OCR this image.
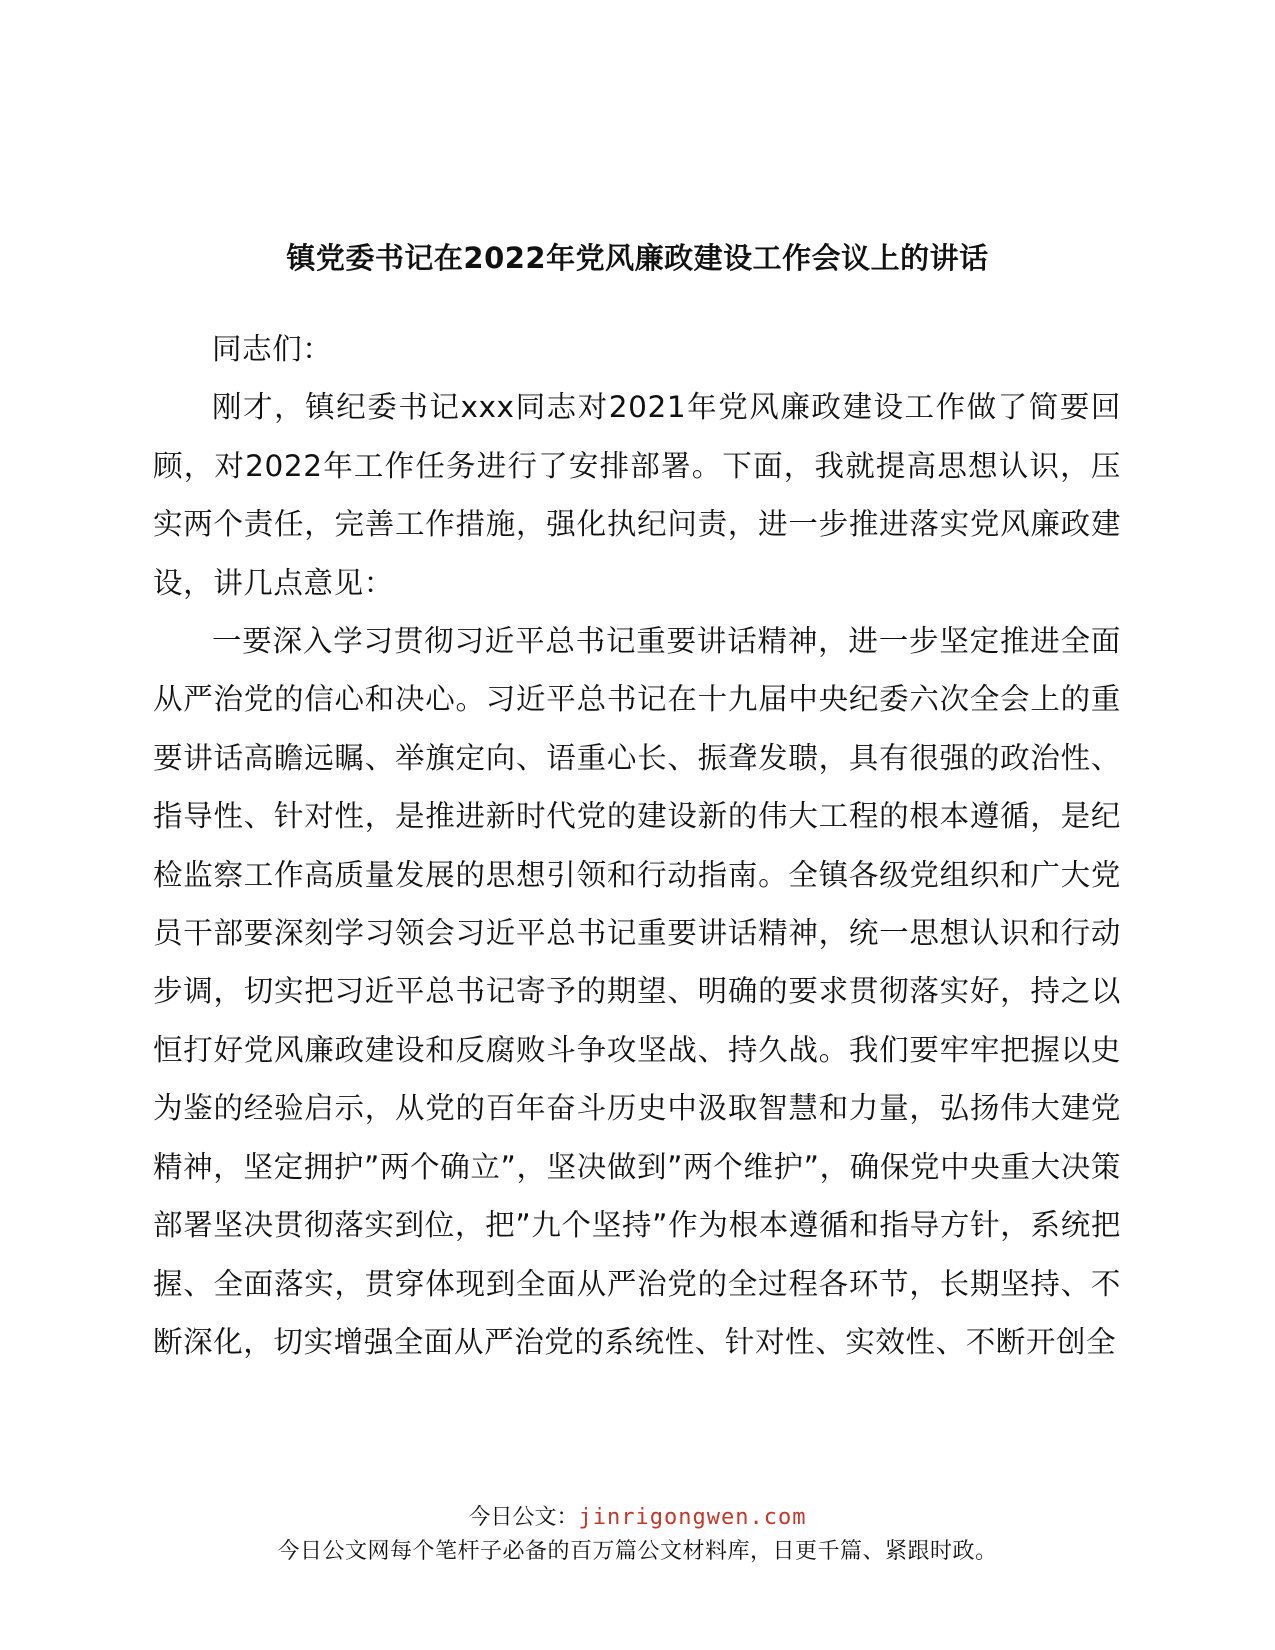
镇党委书记在2022年党风廉政建设工作会议上的讲话

同志们：

刚才，镇纪委书记xxx同志对2021年党风廉政建设工作做了简要回顾，对2022年工作任务进行了安排部署。下面，我就提高思想认识，压实两个责任，完善工作措施，强化执纪问责，进一步推进落实党风廉政建设，讲几点意见：

一要深入学习贯彻习近平总书记重要讲话精神，进一步坚定推进全面从严治党的信心和决心。习近平总书记在十九届中央纪委六次全会上的重要讲话高瞻远瞩、举旗定向、语重心长、振聋发聩，具有很强的政治性、指导性、针对性，是推进新时代党的建设新的伟大工程的根本遵循，是纪检监察工作高质量发展的思想引领和行动指南。全镇各级党组织和广大党员干部要深刻学习领会习近平总书记重要讲话精神，统一思想认识和行动步调，切实把习近平总书记寄予的期望、明确的要求贯彻落实好，持之以恒打好党风廉政建设和反腐败斗争攻坚战、持久战。我们要牢牢把握以史为鉴的经验启示，从党的百年奋斗历史中汲取智慧和力量，弘扬伟大建党精神，坚定拥护”两个确立”，坚决做到”两个维护”，确保党中央重大决策部署坚决贯彻落实到位，把”九个坚持”作为根本遵循和指导方针，系统把握、全面落实，贯穿体现到全面从严治党的全过程各环节，长期坚持、不断深化，切实增强全面从严治党的系统性、针对性、实效性、不断开创全

今日公文：jinrigongwen.com
今日公文网每个笔杆子必备的百万篇公文材料库，日更千篇、紧跟时政。
